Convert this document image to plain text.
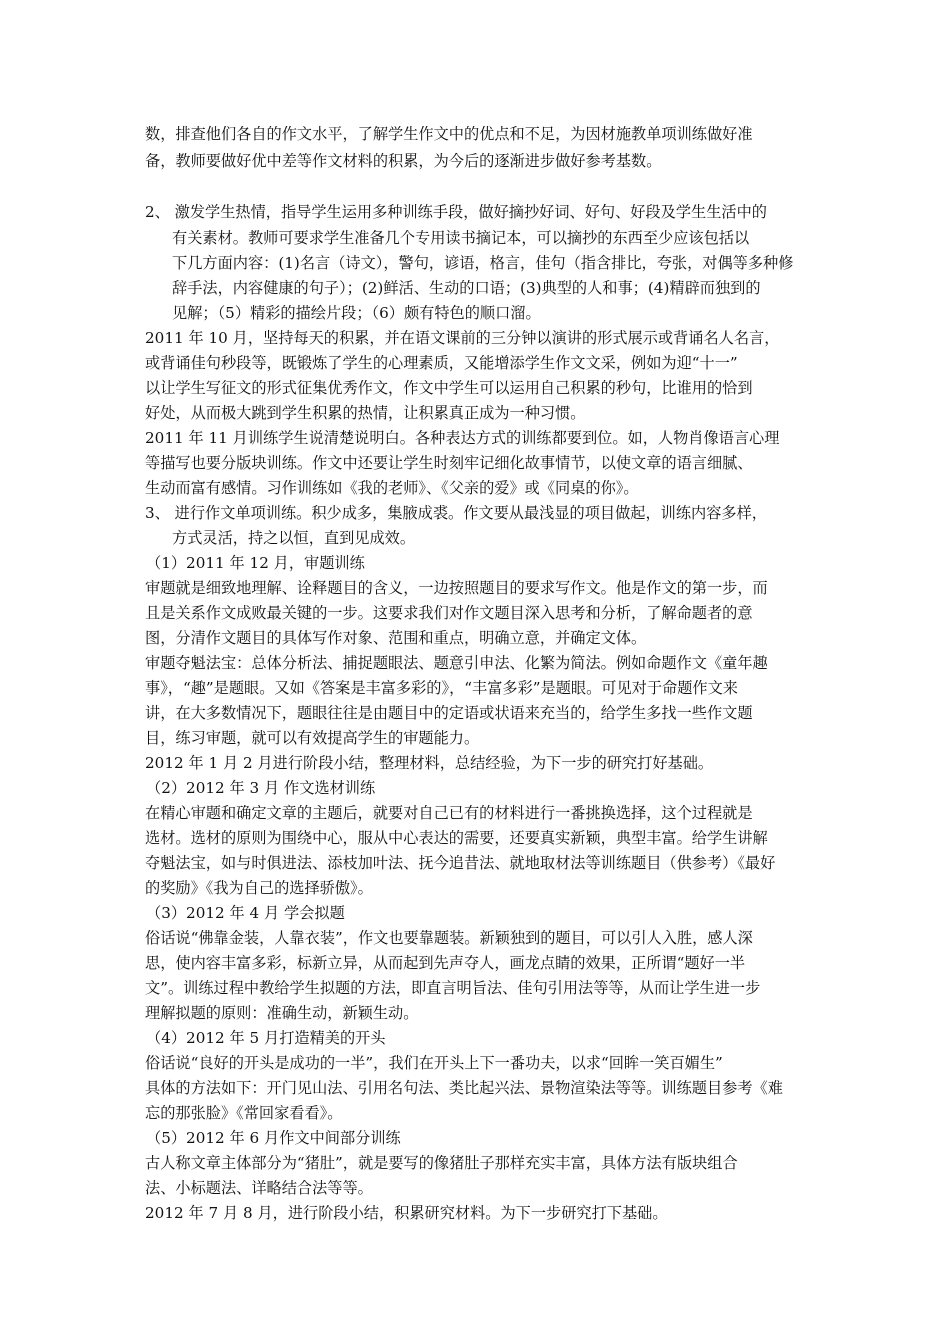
数，排查他们各自的作文水平，了解学生作文中的优点和不足，为因材施教单项训练做好准
备，教师要做好优中差等作文材料的积累，为今后的逐渐进步做好参考基数。
2、 激发学生热情，指导学生运用多种训练手段，做好摘抄好词、好句、好段及学生生活中的
有关素材。教师可要求学生准备几个专用读书摘记本，可以摘抄的东西至少应该包括以
下几方面内容：(1)名言（诗文），警句，谚语，格言，佳句（指含排比，夸张，对偶等多种修
辞手法，内容健康的句子）；(2)鲜活、生动的口语；(3)典型的人和事；(4)精辟而独到的
见解；（5）精彩的描绘片段；（6）颇有特色的顺口溜。
2011 年 10 月，坚持每天的积累，并在语文课前的三分钟以演讲的形式展示或背诵名人名言，
或背诵佳句秒段等，既锻炼了学生的心理素质，又能增添学生作文文采，例如为迎“十一”
以让学生写征文的形式征集优秀作文，作文中学生可以运用自己积累的秒句，比谁用的恰到
好处，从而极大跳到学生积累的热情，让积累真正成为一种习惯。
2011 年 11 月训练学生说清楚说明白。各种表达方式的训练都要到位。如，人物肖像语言心理
等描写也要分版块训练。作文中还要让学生时刻牢记细化故事情节，以使文章的语言细腻、
生动而富有感情。习作训练如《我的老师》、《父亲的爱》或《同桌的你》。
3、 进行作文单项训练。积少成多，集腋成裘。作文要从最浅显的项目做起，训练内容多样，
方式灵活，持之以恒，直到见成效。
（1）2011 年 12 月，审题训练
审题就是细致地理解、诠释题目的含义，一边按照题目的要求写作文。他是作文的第一步，而
且是关系作文成败最关键的一步。这要求我们对作文题目深入思考和分析，了解命题者的意
图，分清作文题目的具体写作对象、范围和重点，明确立意，并确定文体。
审题夺魁法宝：总体分析法、捕捉题眼法、题意引申法、化繁为简法。例如命题作文《童年趣
事》，“趣”是题眼。又如《答案是丰富多彩的》，“丰富多彩”是题眼。可见对于命题作文来
讲，在大多数情况下，题眼往往是由题目中的定语或状语来充当的，给学生多找一些作文题
目，练习审题，就可以有效提高学生的审题能力。
2012 年 1 月 2 月进行阶段小结，整理材料，总结经验，为下一步的研究打好基础。
（2）2012 年 3 月 作文选材训练
在精心审题和确定文章的主题后，就要对自己已有的材料进行一番挑换选择，这个过程就是
选材。选材的原则为围绕中心，服从中心表达的需要，还要真实新颖，典型丰富。给学生讲解
夺魁法宝，如与时俱进法、添枝加叶法、抚今追昔法、就地取材法等训练题目（供参考）《最好
的奖励》《我为自己的选择骄傲》。
（3）2012 年 4 月 学会拟题
俗话说“佛靠金装，人靠衣装”，作文也要靠题装。新颖独到的题目，可以引人入胜，感人深
思，使内容丰富多彩，标新立异，从而起到先声夺人，画龙点睛的效果，正所谓“题好一半
文”。训练过程中教给学生拟题的方法，即直言明旨法、佳句引用法等等，从而让学生进一步
理解拟题的原则：准确生动，新颖生动。
（4）2012 年 5 月打造精美的开头
俗话说“良好的开头是成功的一半”，我们在开头上下一番功夫，以求“回眸一笑百媚生”
具体的方法如下：开门见山法、引用名句法、类比起兴法、景物渲染法等等。训练题目参考《难
忘的那张脸》《常回家看看》。
（5）2012 年 6 月作文中间部分训练
古人称文章主体部分为“猪肚”，就是要写的像猪肚子那样充实丰富，具体方法有版块组合
法、小标题法、详略结合法等等。
2012 年 7 月 8 月，进行阶段小结，积累研究材料。为下一步研究打下基础。
